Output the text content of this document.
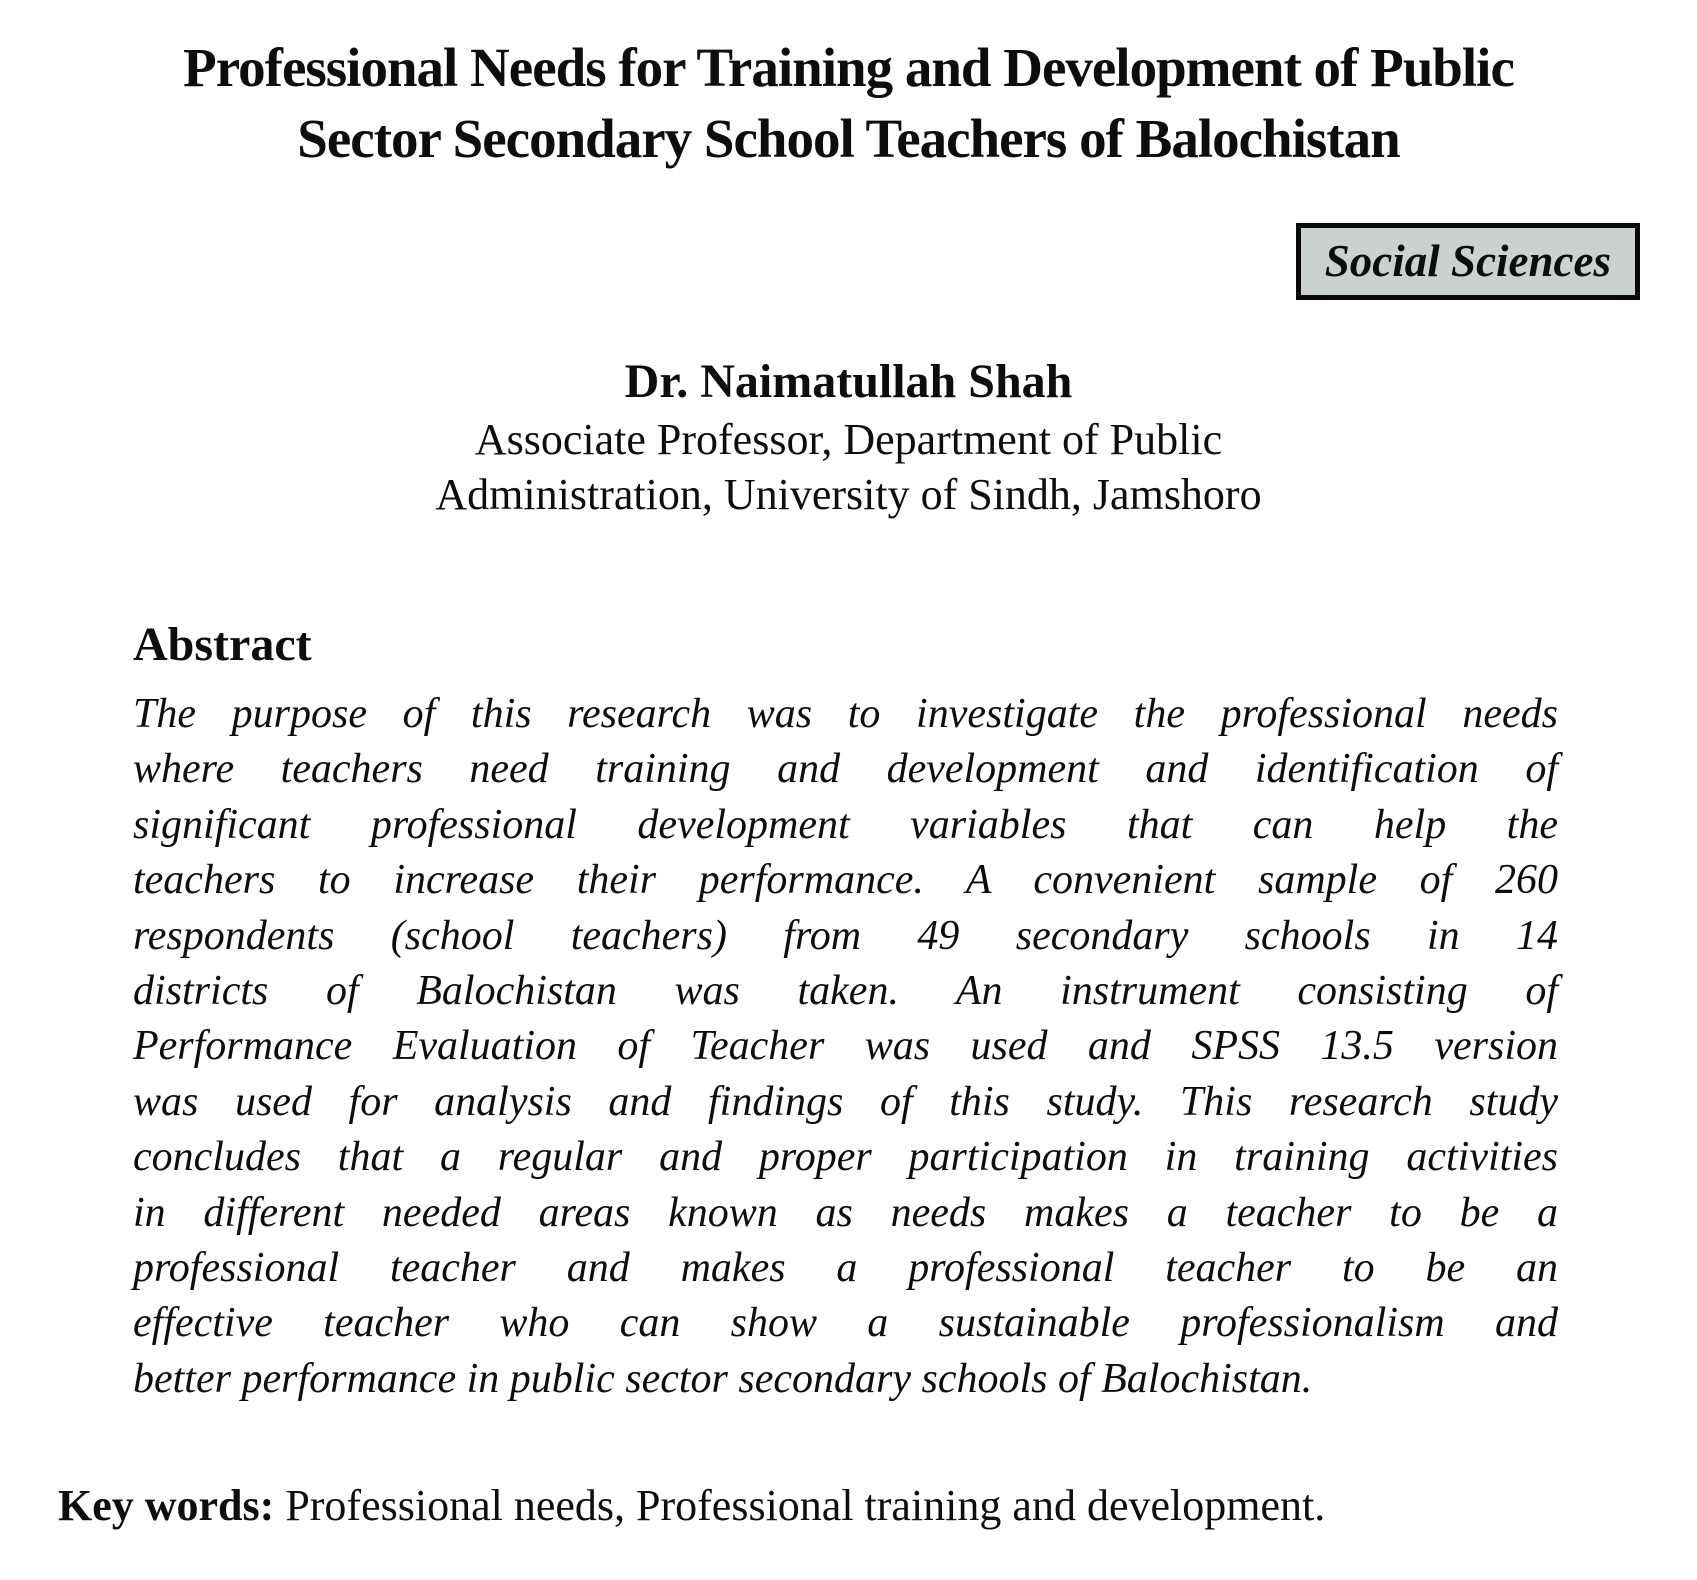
Professional Needs for Training and Development of Public
Sector Secondary School Teachers of Balochistan
Social Sciences
Dr. Naimatullah Shah
Associate Professor, Department of Public
Administration, University of Sindh, Jamshoro
Abstract
The purpose of this research was to investigate the professional needs
where teachers need training and development and identification of
significant professional development variables that can help the
teachers to increase their performance. A convenient sample of 260
respondents (school teachers) from 49 secondary schools in 14
districts of Balochistan was taken. An instrument consisting of
Performance Evaluation of Teacher was used and SPSS 13.5 version
was used for analysis and findings of this study. This research study
concludes that a regular and proper participation in training activities
in different needed areas known as needs makes a teacher to be a
professional teacher and makes a professional teacher to be an
effective teacher who can show a sustainable professionalism and
better performance in public sector secondary schools of Balochistan.
Key words: Professional needs, Professional training and development.
